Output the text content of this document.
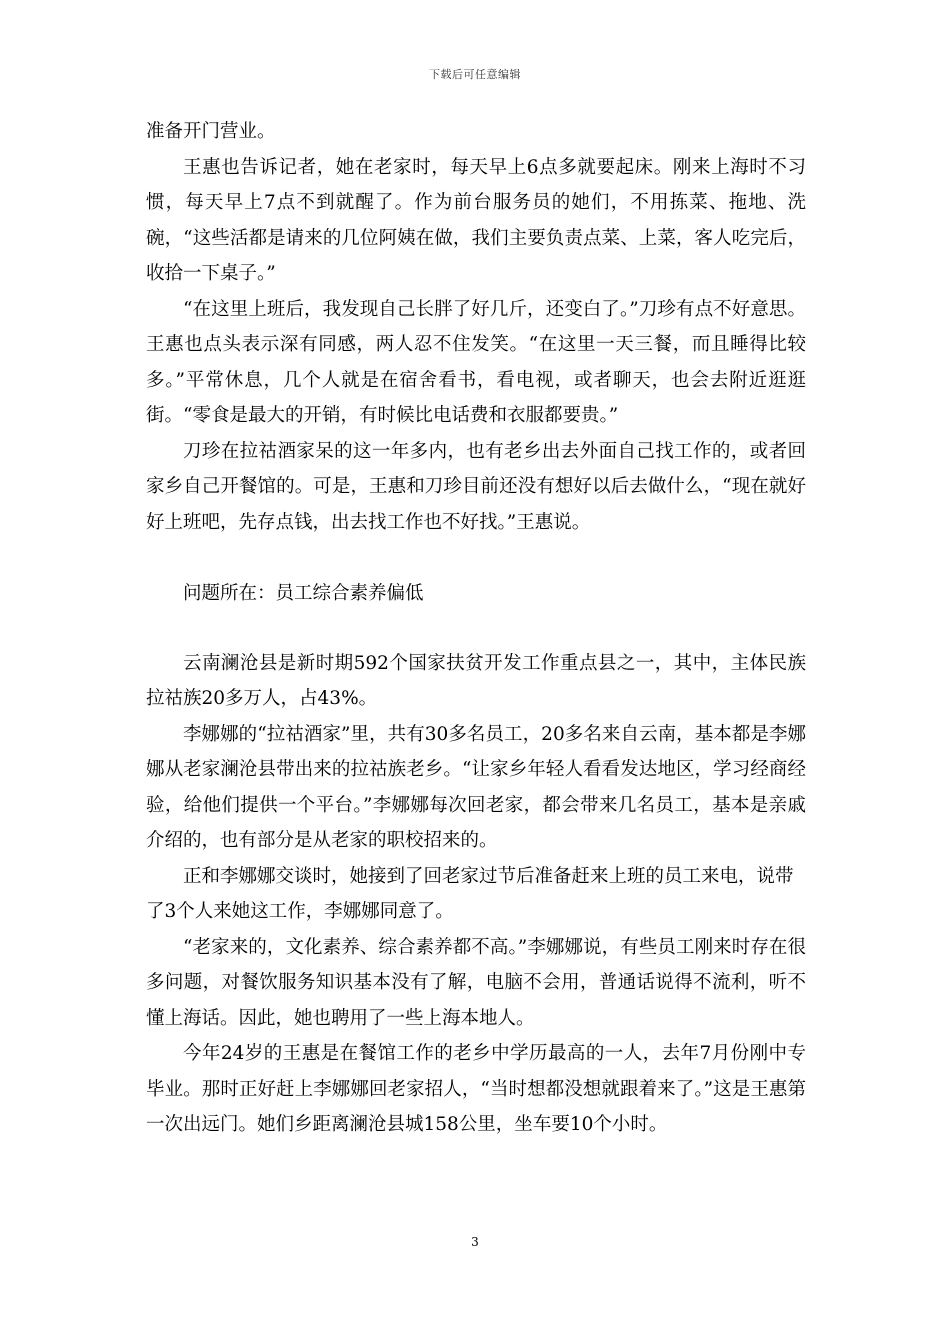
下载后可任意编辑

准备开门营业。

王惠也告诉记者，她在老家时，每天早上6点多就要起床。刚来上海时不习惯，每天早上7点不到就醒了。作为前台服务员的她们，不用拣菜、拖地、洗碗，“这些活都是请来的几位阿姨在做，我们主要负责点菜、上菜，客人吃完后，收拾一下桌子。”

“在这里上班后，我发现自己长胖了好几斤，还变白了。”刀珍有点不好意思。王惠也点头表示深有同感，两人忍不住发笑。“在这里一天三餐，而且睡得比较多。”平常休息，几个人就是在宿舍看书，看电视，或者聊天，也会去附近逛逛街。“零食是最大的开销，有时候比电话费和衣服都要贵。”

刀珍在拉祜酒家呆的这一年多内，也有老乡出去外面自己找工作的，或者回家乡自己开餐馆的。可是，王惠和刀珍目前还没有想好以后去做什么，“现在就好好上班吧，先存点钱，出去找工作也不好找。”王惠说。

问题所在：员工综合素养偏低

云南澜沧县是新时期592个国家扶贫开发工作重点县之一，其中，主体民族拉祜族20多万人，占43%。

李娜娜的“拉祜酒家”里，共有30多名员工，20多名来自云南，基本都是李娜娜从老家澜沧县带出来的拉祜族老乡。“让家乡年轻人看看发达地区，学习经商经验，给他们提供一个平台。”李娜娜每次回老家，都会带来几名员工，基本是亲戚介绍的，也有部分是从老家的职校招来的。

正和李娜娜交谈时，她接到了回老家过节后准备赶来上班的员工来电，说带了3个人来她这工作，李娜娜同意了。

“老家来的，文化素养、综合素养都不高。”李娜娜说，有些员工刚来时存在很多问题，对餐饮服务知识基本没有了解，电脑不会用，普通话说得不流利，听不懂上海话。因此，她也聘用了一些上海本地人。

今年24岁的王惠是在餐馆工作的老乡中学历最高的一人，去年7月份刚中专毕业。那时正好赶上李娜娜回老家招人，“当时想都没想就跟着来了。”这是王惠第一次出远门。她们乡距离澜沧县城158公里，坐车要10个小时。

3
